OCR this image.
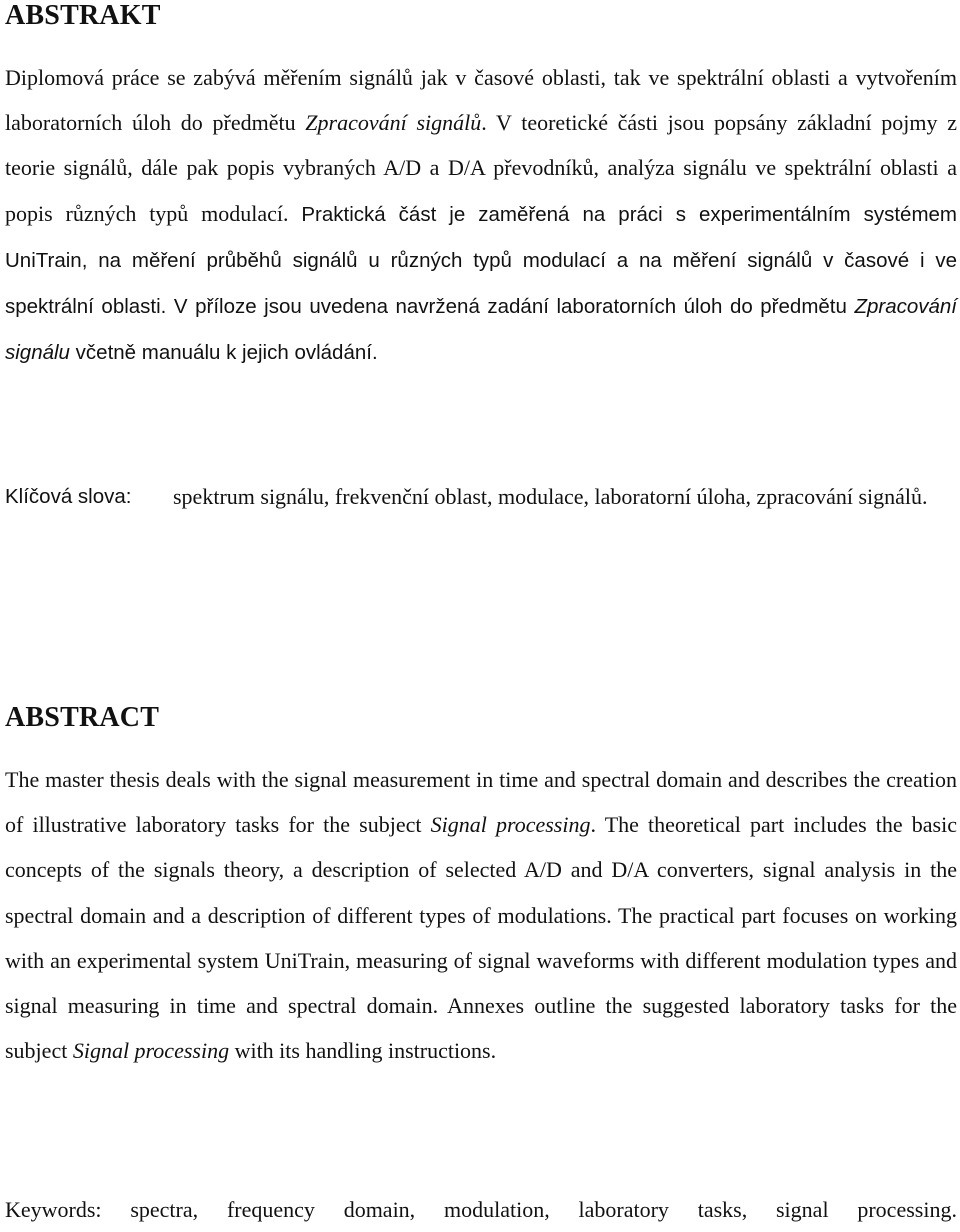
ABSTRAKT

Diplomová práce se zabývá měřením signálů jak v časové oblasti, tak ve spektrální oblasti a vytvořením laboratorních úloh do předmětu Zpracování signálů. V teoretické části jsou popsány základní pojmy z teorie signálů, dále pak popis vybraných A/D a D/A převodníků, analýza signálu ve spektrální oblasti a popis různých typů modulací. Praktická část je zaměřená na práci s experimentálním systémem UniTrain, na měření průběhů signálů u různých typů modulací a na měření signálů v časové i ve spektrální oblasti. V příloze jsou uvedena navržená zadání laboratorních úloh do předmětu Zpracování signálu včetně manuálu k jejich ovládání.

Klíčová slova: spektrum signálu, frekvenční oblast, modulace, laboratorní úloha, zpracování signálů.
ABSTRACT

The master thesis deals with the signal measurement in time and spectral domain and describes the creation of illustrative laboratory tasks for the subject Signal processing. The theoretical part includes the basic concepts of the signals theory, a description of selected A/D and D/A converters, signal analysis in the spectral domain and a description of different types of modulations. The practical part focuses on working with an experimental system UniTrain, measuring of signal waveforms with different modulation types and signal measuring in time and spectral domain. Annexes outline the suggested laboratory tasks for the subject Signal processing with its handling instructions.

Keywords: spectra, frequency domain, modulation, laboratory tasks, signal processing.
